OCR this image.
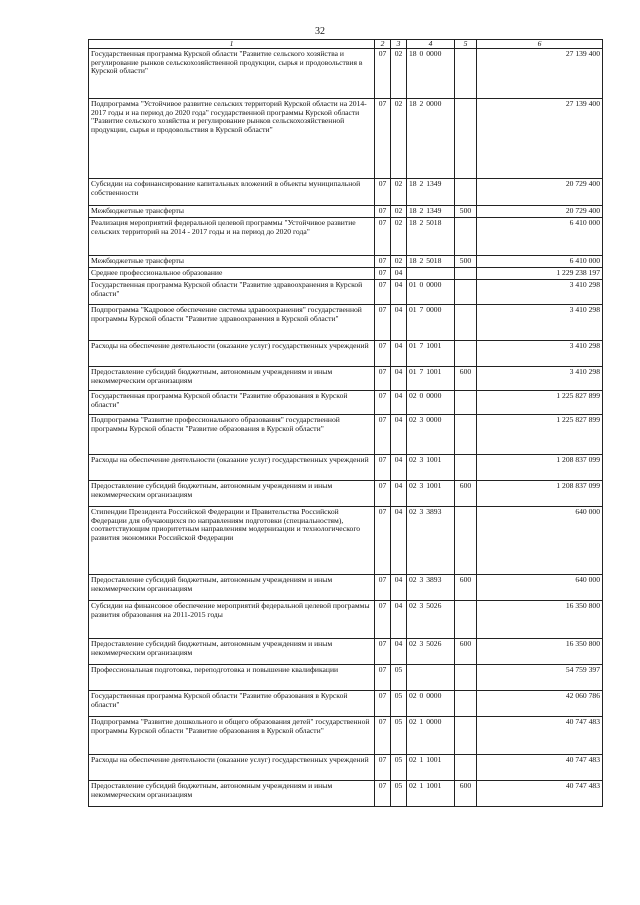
32
1	2	3	4	5	6
Государственная программа Курской области "Развитие сельского хозяйства и регулирование рынков сельскохозяйственной продукции, сырья и продовольствия в Курской области"	07	02	18 0 0000		27 139 400
Подпрограмма "Устойчивое развитие сельских территорий Курской области на 2014-2017 годы и на период до 2020 года" государственной программы Курской области "Развитие сельского хозяйства и регулирование рынков сельскохозяйственной продукции, сырья и продовольствия в Курской области"	07	02	18 2 0000		27 139 400
Субсидии на софинансирование капитальных вложений в объекты муниципальной собственности	07	02	18 2 1349		20 729 400
Межбюджетные трансферты	07	02	18 2 1349	500	20 729 400
Реализация мероприятий федеральной целевой программы "Устойчивое развитие сельских территорий на 2014 - 2017 годы и на период до 2020 года"	07	02	18 2 5018		6 410 000
Межбюджетные трансферты	07	02	18 2 5018	500	6 410 000
Среднее профессиональное образование	07	04			1 229 238 197
Государственная программа Курской области "Развитие здравоохранения в Курской области"	07	04	01 0 0000		3 410 298
Подпрограмма "Кадровое обеспечение системы здравоохранения" государственной программы Курской области "Развитие здравоохранения в Курской области"	07	04	01 7 0000		3 410 298
Расходы на обеспечение деятельности (оказание услуг) государственных учреждений	07	04	01 7 1001		3 410 298
Предоставление субсидий бюджетным, автономным учреждениям и иным некоммерческим организациям	07	04	01 7 1001	600	3 410 298
Государственная программа Курской области "Развитие образования в Курской области"	07	04	02 0 0000		1 225 827 899
Подпрограмма "Развитие профессионального образования" государственной программы Курской области "Развитие образования в Курской области"	07	04	02 3 0000		1 225 827 899
Расходы на обеспечение деятельности (оказание услуг) государственных учреждений	07	04	02 3 1001		1 208 837 099
Предоставление субсидий бюджетным, автономным учреждениям и иным некоммерческим организациям	07	04	02 3 1001	600	1 208 837 099
Стипендии Президента Российской Федерации и Правительства Российской Федерации для обучающихся по направлениям подготовки (специальностям), соответствующим приоритетным направлениям модернизации и технологического развития экономики Российской Федерации	07	04	02 3 3893		640 000
Предоставление субсидий бюджетным, автономным учреждениям и иным некоммерческим организациям	07	04	02 3 3893	600	640 000
Субсидии на финансовое обеспечение мероприятий федеральной целевой программы развития образования на 2011-2015 годы	07	04	02 3 5026		16 350 800
Предоставление субсидий бюджетным, автономным учреждениям и иным некоммерческим организациям	07	04	02 3 5026	600	16 350 800
Профессиональная подготовка, переподготовка и повышение квалификации	07	05			54 759 397
Государственная программа Курской области "Развитие образования в Курской области"	07	05	02 0 0000		42 060 786
Подпрограмма "Развитие дошкольного и общего образования детей" государственной программы Курской области "Развитие образования в Курской области"	07	05	02 1 0000		40 747 483
Расходы на обеспечение деятельности (оказание услуг) государственных учреждений	07	05	02 1 1001		40 747 483
Предоставление субсидий бюджетным, автономным учреждениям и иным некоммерческим организациям	07	05	02 1 1001	600	40 747 483
